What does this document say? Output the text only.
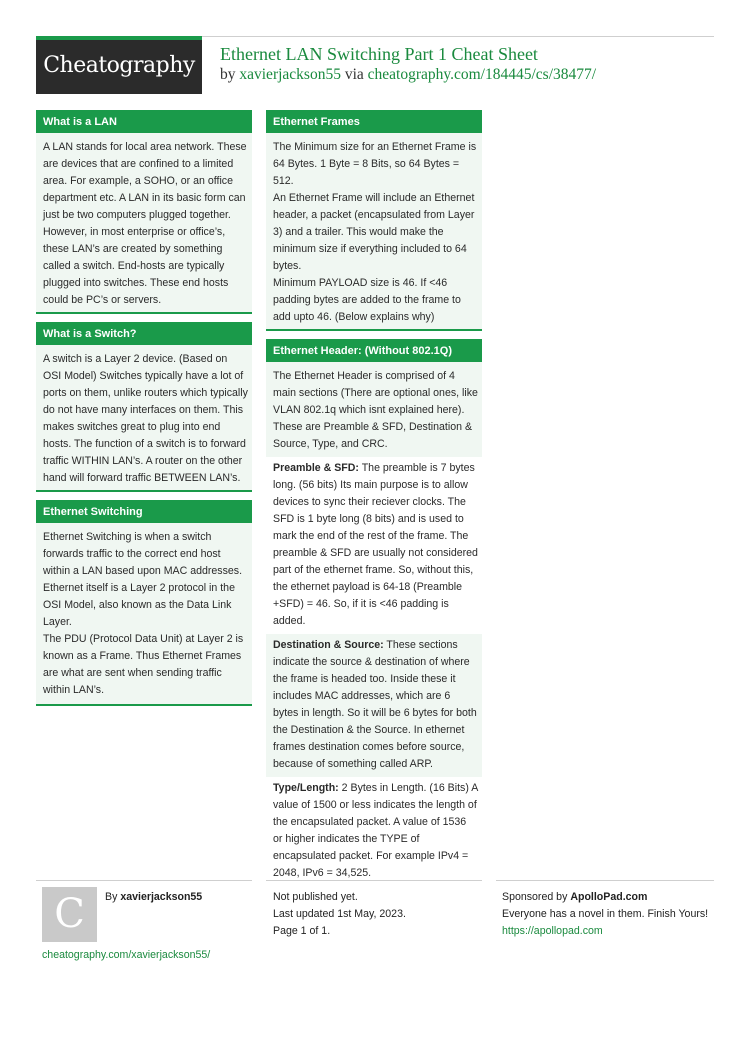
Cheatography	Ethernet LAN Switching Part 1 Cheat Sheet
by xavierjackson55 via cheatography.com/184445/cs/38477/
What is a LAN

A LAN stands for local area network. These are devices that are confined to a limited area. For example, a SOHO, or an office department etc. A LAN in its basic form can just be two computers plugged together. However, in most enterprise or office’s, these LAN’s are created by something called a switch. End-hosts are typically plugged into switches. These end hosts could be PC’s or servers.

What is a Switch?

A switch is a Layer 2 device. (Based on OSI Model) Switches typically have a lot of ports on them, unlike routers which typically do not have many interfaces on them. This makes switches great to plug into end hosts. The function of a switch is to forward traffic WITHIN LAN’s. A router on the other hand will forward traffic BETWEEN LAN’s.

Ethernet Switching

Ethernet Switching is when a switch forwards traffic to the correct end host within a LAN based upon MAC addresses. Ethernet itself is a Layer 2 protocol in the OSI Model, also known as the Data Link Layer.

The PDU (Protocol Data Unit) at Layer 2 is known as a Frame. Thus Ethernet Frames are what are sent when sending traffic within LAN’s.

Ethernet Frames

The Minimum size for an Ethernet Frame is 64 Bytes. 1 Byte = 8 Bits, so 64 Bytes = 512.

An Ethernet Frame will include an Ethernet header, a packet (encapsulated from Layer 3) and a trailer. This would make the minimum size if everything included to 64 bytes.

Minimum PAYLOAD size is 46. If <46 padding bytes are added to the frame to add upto 46. (Below explains why)

Ethernet Header: (Without 802.1Q)
The Ethernet Header is comprised of 4 main sections (There are optional ones, like VLAN 802.1q which isnt explained here). These are Preamble & SFD, Destination & Source, Type, and CRC.
Preamble & SFD: The preamble is 7 bytes long. (56 bits) Its main purpose is to allow devices to sync their reciever clocks. The SFD is 1 byte long (8 bits) and is used to mark the end of the rest of the frame. The preamble & SFD are usually not considered part of the ethernet frame. So, without this, the ethernet payload is 64-18 (Preamble +SFD) = 46. So, if it is <46 padding is added.
Destination & Source: These sections indicate the source & destination of where the frame is headed too. Inside these it includes MAC addresses, which are 6 bytes in length. So it will be 6 bytes for both the Destination & the Source. In ethernet frames destination comes before source, because of something called ARP.
Type/Length: 2 Bytes in Length. (16 Bits) A value of 1500 or less indicates the length of the encapsulated packet. A value of 1536 or higher indicates the TYPE of encapsulated packet. For example IPv4 = 2048, IPv6 = 34,525.
C	By xavierjackson55
cheatography.com/xavierjackson55/
Not published yet.
Last updated 1st May, 2023.
Page 1 of 1.
Sponsored by ApolloPad.com
Everyone has a novel in them. Finish Yours!
https://apollopad.com
